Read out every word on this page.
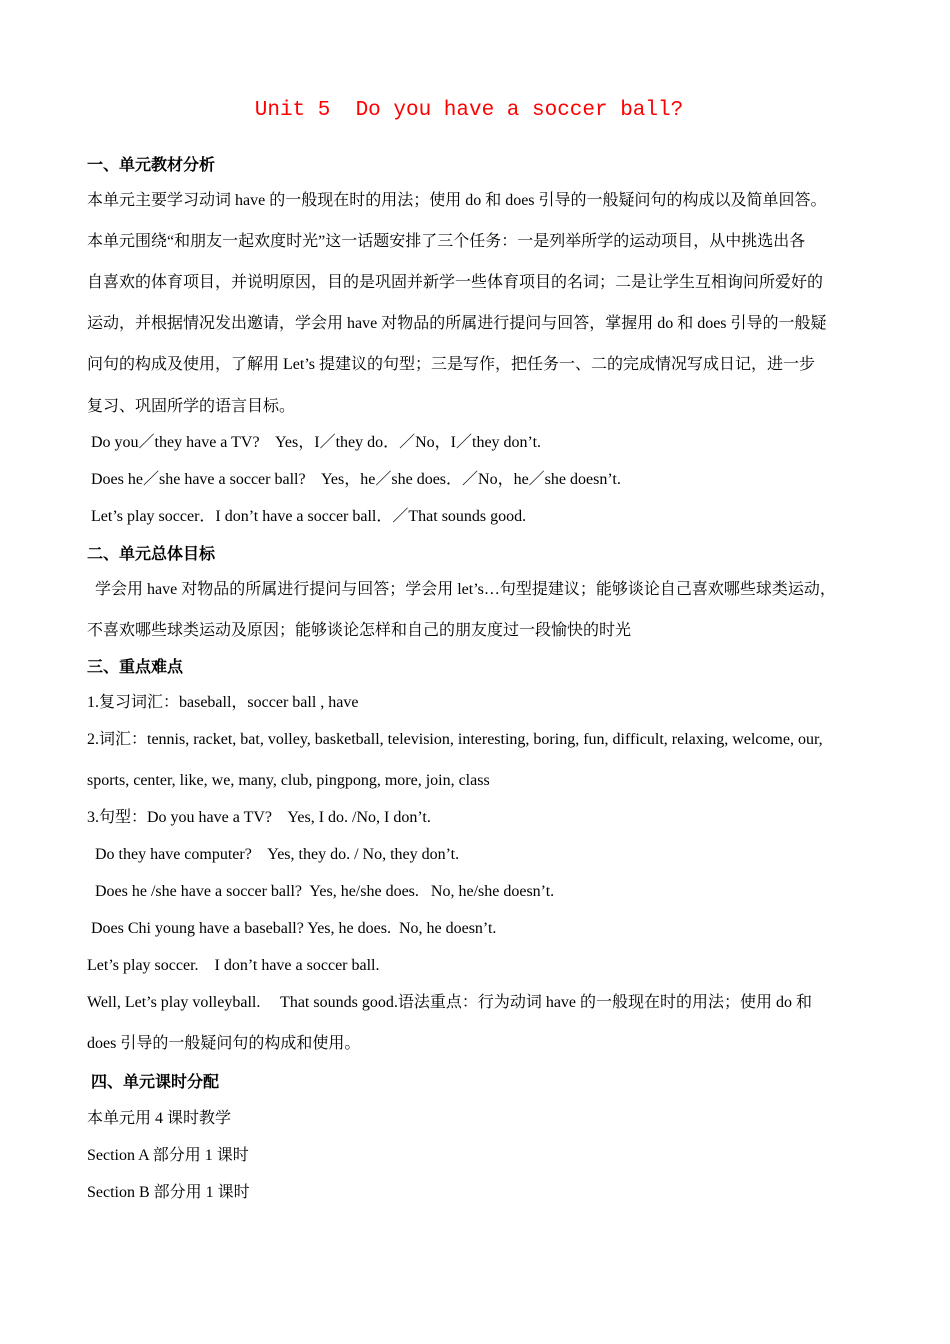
Unit 5  Do you have a soccer ball?
一、单元教材分析
本单元主要学习动词 have 的一般现在时的用法；使用 do 和 does 引导的一般疑问句的构成以及简单回答。
本单元围绕“和朋友一起欢度时光”这一话题安排了三个任务：一是列举所学的运动项目，从中挑选出各
自喜欢的体育项目，并说明原因，目的是巩固并新学一些体育项目的名词；二是让学生互相询问所爱好的
运动，并根据情况发出邀请，学会用 have 对物品的所属进行提问与回答，掌握用 do 和 does 引导的一般疑
问句的构成及使用，了解用 Let’s 提建议的句型；三是写作，把任务一、二的完成情况写成日记，进一步
复习、巩固所学的语言目标。
Do you／they have a TV?    Yes，I／they do．／No，I／they don’t.
Does he／she have a soccer ball?    Yes，he／she does．／No，he／she doesn’t.
Let’s play soccer．I don’t have a soccer ball．／That sounds good.
二、单元总体目标
学会用 have 对物品的所属进行提问与回答；学会用 let’s…句型提建议；能够谈论自己喜欢哪些球类运动，
不喜欢哪些球类运动及原因；能够谈论怎样和自己的朋友度过一段愉快的时光
三、重点难点
1.复习词汇：baseball，soccer ball , have
2.词汇：tennis, racket, bat, volley, basketball, television, interesting, boring, fun, difficult, relaxing, welcome, our,
sports, center, like, we, many, club, pingpong, more, join, class
3.句型：Do you have a TV?    Yes, I do. /No, I don’t.
Do they have computer?    Yes, they do. / No, they don’t.
Does he /she have a soccer ball?  Yes, he/she does.   No, he/she doesn’t.
Does Chi young have a baseball? Yes, he does.  No, he doesn’t.
Let’s play soccer.    I don’t have a soccer ball.
Well, Let’s play volleyball.     That sounds good.语法重点：行为动词 have 的一般现在时的用法；使用 do 和
does 引导的一般疑问句的构成和使用。
四、单元课时分配
本单元用 4 课时教学
Section A 部分用 1 课时
Section B 部分用 1 课时
